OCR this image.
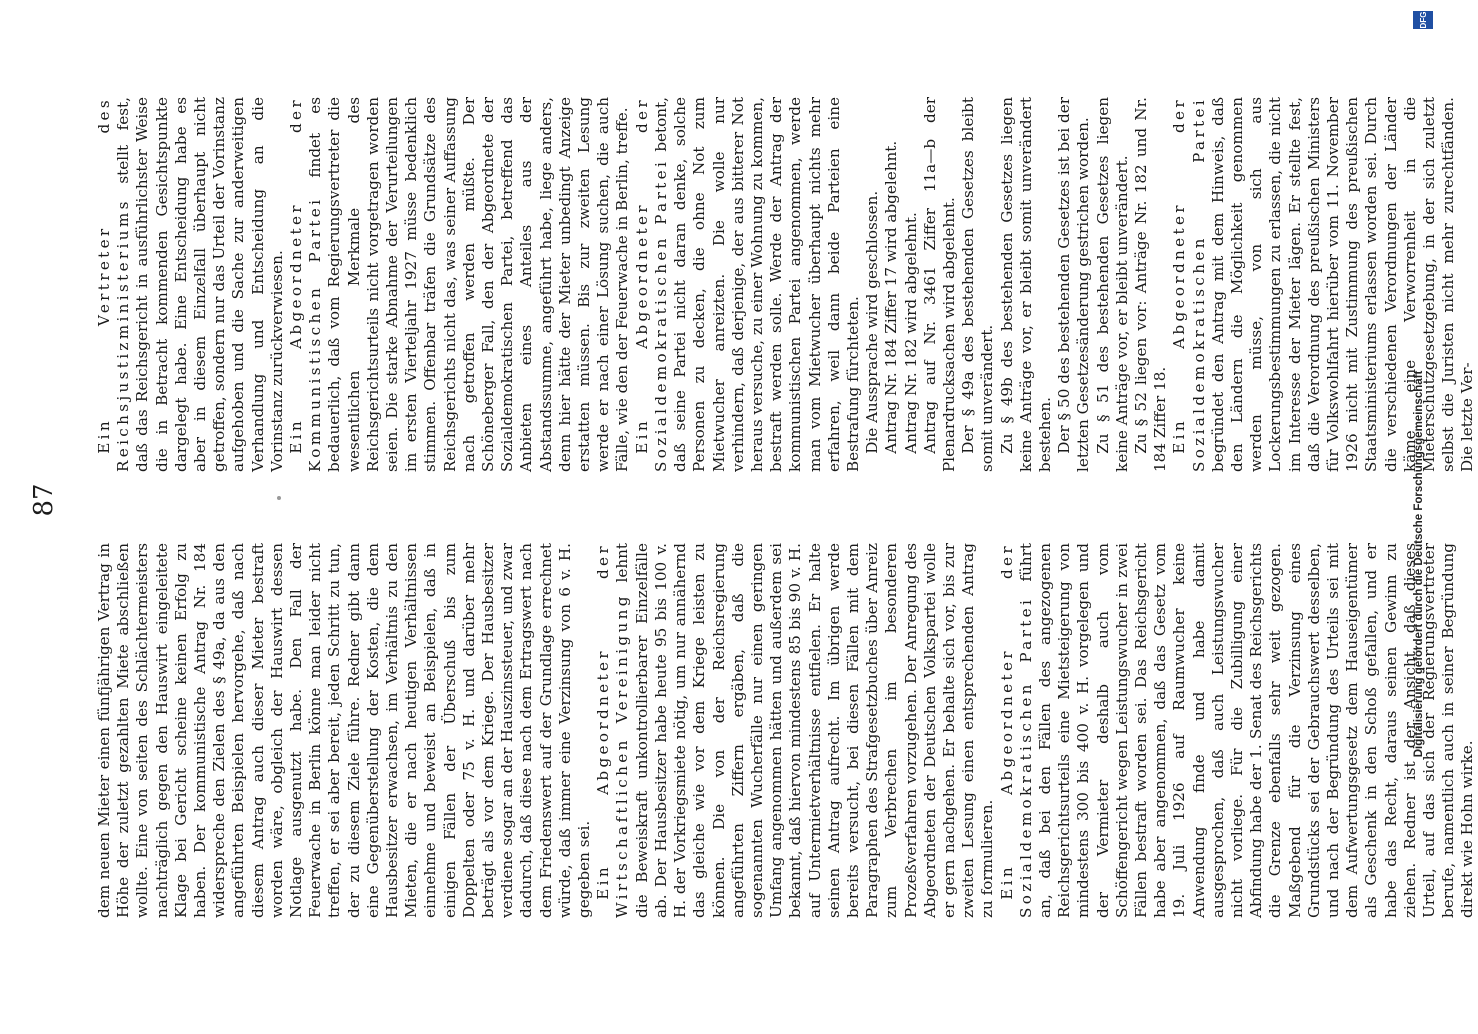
87

dem neuen Mieter einen fünfjährigen Vertrag in Höhe der zuletzt gezahlten Miete abschließen wollte. Eine von seiten des Schlächtermeisters nachträglich gegen den Hauswirt eingeleitete Klage bei Gericht scheine keinen Erfolg zu haben. Der kommunistische Antrag Nr. 184 widerspreche den Zielen des § 49a, da aus den angeführten Beispielen hervorgehe, daß nach diesem Antrag auch dieser Mieter bestraft worden wäre, obgleich der Hauswirt dessen Notlage ausgenutzt habe. Den Fall der Feuerwache in Berlin könne man leider nicht treffen, er sei aber bereit, jeden Schritt zu tun, der zu diesem Ziele führe. Redner gibt dann eine Gegenüberstellung der Kosten, die dem Hausbesitzer erwachsen, im Verhältnis zu den Mieten, die er nach heutigen Verhältnissen einnehme und beweist an Beispielen, daß in einigen Fällen der Überschuß bis zum Doppelten oder 75 v. H. und darüber mehr beträgt als vor dem Kriege. Der Hausbesitzer verdiene sogar an der Hauszinssteuer, und zwar dadurch, daß diese nach dem Ertragswert nach dem Friedenswert auf der Grundlage errechnet würde, daß immer eine Verzinsung von 6 v. H. gegeben sei. Ein Abgeordneter der Wirtschaftlichen Vereinigung lehnt die Beweiskraft unkontrollierbarer Einzelfälle ab. Der Hausbesitzer habe heute 95 bis 100 v. H. der Vorkriegsmiete nötig, um nur annähernd das gleiche wie vor dem Kriege leisten zu können. Die von der Reichsregierung angeführten Ziffern ergäben, daß die sogenannten Wucherfälle nur einen geringen Umfang angenommen hätten und außerdem sei bekannt, daß hiervon mindestens 85 bis 90 v. H. auf Untermietverhältnisse entfielen. Er halte seinen Antrag aufrecht. Im übrigen werde bereits versucht, bei diesen Fällen mit dem Paragraphen des Strafgesetzbuches über Anreiz zum Verbrechen im besonderen Prozeßverfahren vorzugehen. Der Anregung des Abgeordneten der Deutschen Volkspartei wolle er gern nachgehen. Er behalte sich vor, bis zur zweiten Lesung einen entsprechenden Antrag zu formulieren. Ein Abgeordneter der Sozialdemokratischen Partei führt an, daß bei den Fällen des angezogenen Reichsgerichtsurteils eine Mietsteigerung von mindestens 300 bis 400 v. H. vorgelegen und der Vermieter deshalb auch vom Schöffengericht wegen Leistungswucher in zwei Fällen bestraft worden sei. Das Reichsgericht habe aber angenommen, daß das Gesetz vom 19. Juli 1926 auf Raumwucher keine Anwendung finde und habe damit ausgesprochen, daß auch Leistungswucher nicht vorliege. Für die Zubilligung einer Abfindung habe der 1. Senat des Reichsgerichts die Grenze ebenfalls sehr weit gezogen. Maßgebend für die Verzinsung eines Grundstücks sei der Gebrauchswert desselben, und nach der Begründung des Urteils sei mit dem Aufwertungsgesetz dem Hauseigentümer als Geschenk in den Schoß gefallen, und er habe das Recht, daraus seinen Gewinn zu ziehen. Redner ist der Ansicht, daß dieses Urteil, auf das sich der Regierungsvertreter berufe, namentlich auch in seiner Begründung direkt wie Hohn wirke.

Ein Vertreter des Reichsjustizministeriums stellt fest, daß das Reichsgericht in ausführlichster Weise die in Betracht kommenden Gesichtspunkte dargelegt habe. Eine Entscheidung habe es aber in diesem Einzelfall überhaupt nicht getroffen, sondern nur das Urteil der Vorinstanz aufgehoben und die Sache zur anderweitigen Verhandlung und Entscheidung an die Vorinstanz zurückverwiesen. Ein Abgeordneter der Kommunistischen Partei findet es bedauerlich, daß vom Regierungsvertreter die wesentlichen Merkmale des Reichsgerichtsurteils nicht vorgetragen worden seien. Die starke Abnahme der Verurteilungen im ersten Vierteljahr 1927 müsse bedenklich stimmen. Offenbar träfen die Grundsätze des Reichsgerichts nicht das, was seiner Auffassung nach getroffen werden müßte. Der Schöneberger Fall, den der Abgeordnete der Sozialdemokratischen Partei, betreffend das Anbieten eines Anteiles aus der Abstandssumme, angeführt habe, liege anders, denn hier hätte der Mieter unbedingt Anzeige erstatten müssen. Bis zur zweiten Lesung werde er nach einer Lösung suchen, die auch Fälle, wie den der Feuerwache in Berlin, treffe. Ein Abgeordneter der Sozialdemokratischen Partei betont, daß seine Partei nicht daran denke, solche Personen zu decken, die ohne Not zum Mietwucher anreizten. Die wolle nur verhindern, daß derjenige, der aus bitterer Not heraus versuche, zu einer Wohnung zu kommen, bestraft werden solle. Werde der Antrag der kommunistischen Partei angenommen, werde man vom Mietwucher überhaupt nichts mehr erfahren, weil dann beide Parteien eine Bestrafung fürchteten. Die Aussprache wird geschlossen. Antrag Nr. 184 Ziffer 17 wird abgelehnt. Antrag Nr. 182 wird abgelehnt. Antrag auf Nr. 3461 Ziffer 11a—b der Plenardrucksachen wird abgelehnt. Der § 49a des bestehenden Gesetzes bleibt somit unverändert. Zu § 49b des bestehenden Gesetzes liegen keine Anträge vor, er bleibt somit unverändert bestehen. Der § 50 des bestehenden Gesetzes ist bei der letzten Gesetzesänderung gestrichen worden. Zu § 51 des bestehenden Gesetzes liegen keine Anträge vor, er bleibt unverändert. Zu § 52 liegen vor: Anträge Nr. 182 und Nr. 184 Ziffer 18. Ein Abgeordneter der Sozialdemokratischen Partei begründet den Antrag mit dem Hinweis, daß den Ländern die Möglichkeit genommen werden müsse, von sich aus Lockerungsbestimmungen zu erlassen, die nicht im Interesse der Mieter lägen. Er stellte fest, daß die Verordnung des preußischen Ministers für Volkswohlfahrt hierüber vom 11. November 1926 nicht mit Zustimmung des preußischen Staatsministeriums erlassen worden sei. Durch die verschiedenen Verordnungen der Länder käme eine Verworrenheit in die Mieterschutzgesetzgebung, in der sich zuletzt selbst die Juristen nicht mehr zurechtfänden. Die letzte Ver-

DFG
Digitalisierung gefördert durch die Deutsche Forschungsgemeinschaft
